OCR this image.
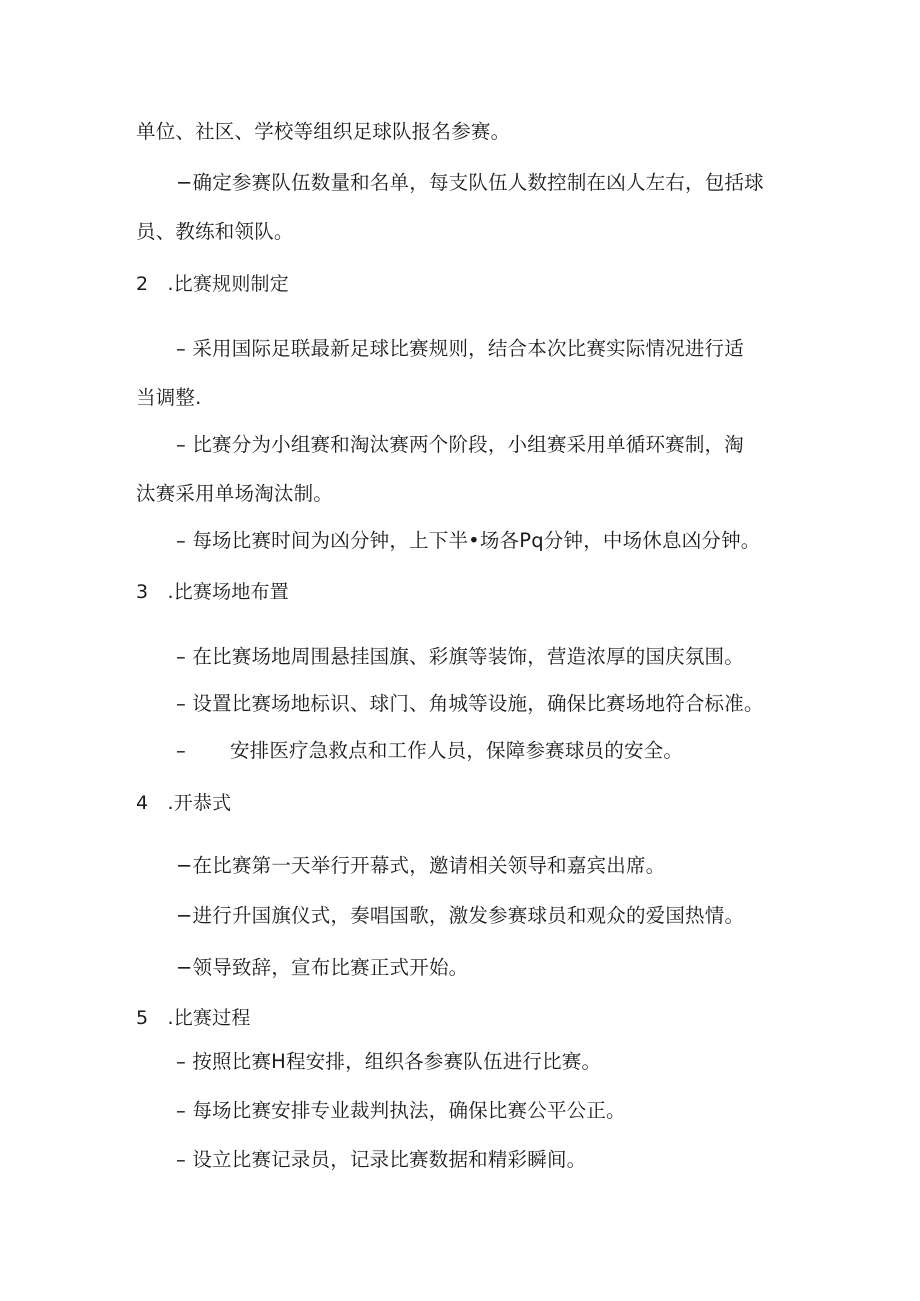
单位、社区、学校等组织足球队报名参赛。
−确定参赛队伍数量和名单，每支队伍人数控制在凶人左右，包括球
员、教练和领队。
2 .比赛规则制定
– 采用国际足联最新足球比赛规则，结合本次比赛实际情况进行适
当调整.
– 比赛分为小组赛和淘汰赛两个阶段，小组赛采用单循环赛制，淘
汰赛采用单场淘汰制。
– 每场比赛时间为凶分钟，上下半•场各Pq分钟，中场休息凶分钟。
3 .比赛场地布置
– 在比赛场地周围悬挂国旗、彩旗等装饰，营造浓厚的国庆氛围。
– 设置比赛场地标识、球门、角城等设施，确保比赛场地符合标准。
– 安排医疗急救点和工作人员，保障参赛球员的安全。
4 .开恭式
−在比赛第一天举行开幕式，邀请相关领导和嘉宾出席。
−进行升国旗仪式，奏唱国歌，激发参赛球员和观众的爱国热情。
−领导致辞，宣布比赛正式开始。
5 .比赛过程
– 按照比赛H程安排，组织各参赛队伍进行比赛。
– 每场比赛安排专业裁判执法，确保比赛公平公正。
– 设立比赛记录员，记录比赛数据和精彩瞬间。
